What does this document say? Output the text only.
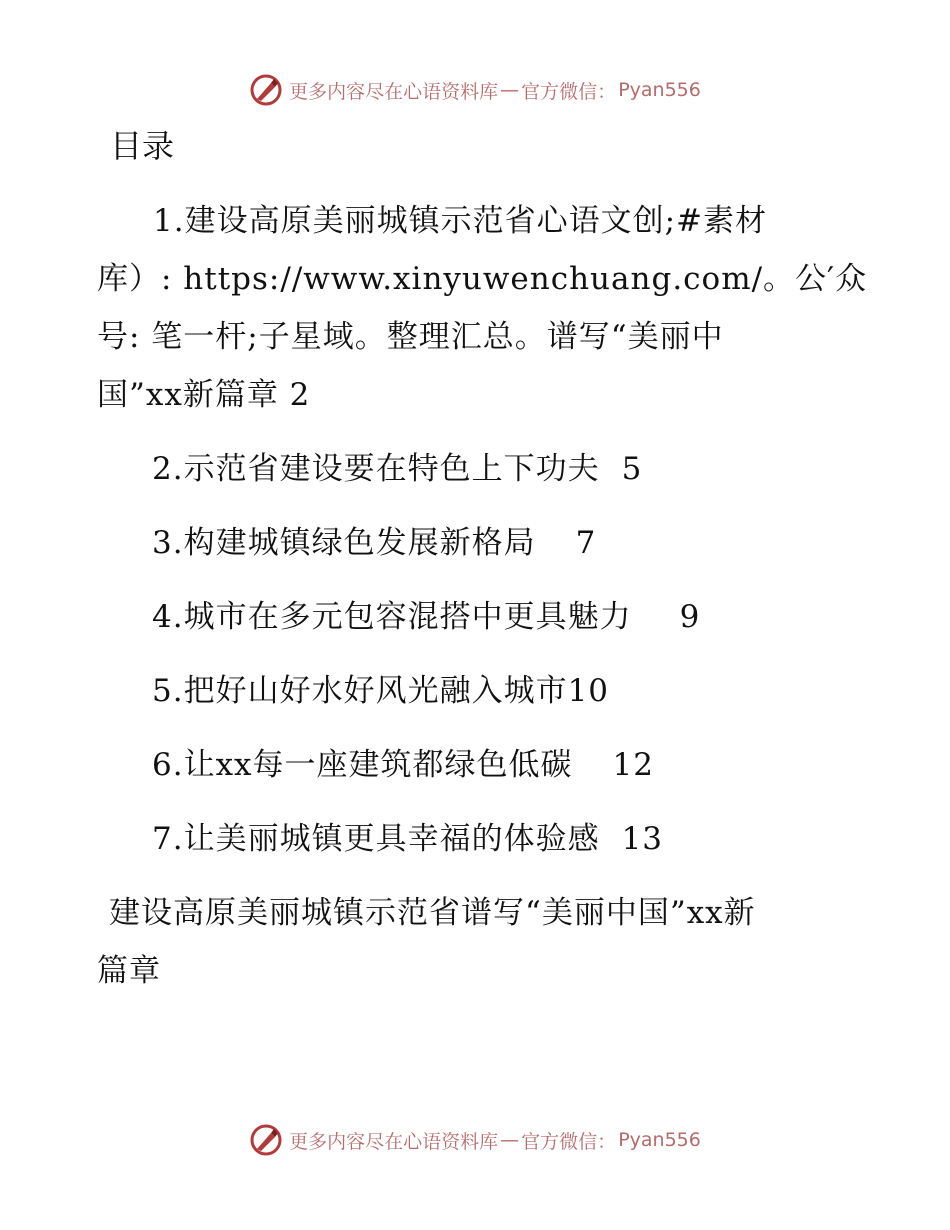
更多内容尽在心语资料库 — 官方微信： Pyan556
目录
1.建设高原美丽城镇示范省心语文创;#素材
库）: https://www.xinyuwenchuang.com/。公′众
号: 笔一杆;子星域。整理汇总。谱写“美丽中
国”xx新篇章 2
2.示范省建设要在特色上下功夫 5
3.构建城镇绿色发展新格局 7
4.城市在多元包容混搭中更具魅力 9
5.把好山好水好风光融入城市10
6.让xx每一座建筑都绿色低碳 12
7.让美丽城镇更具幸福的体验感 13
建设高原美丽城镇示范省谱写“美丽中国”xx新
篇章
更多内容尽在心语资料库 — 官方微信： Pyan556
